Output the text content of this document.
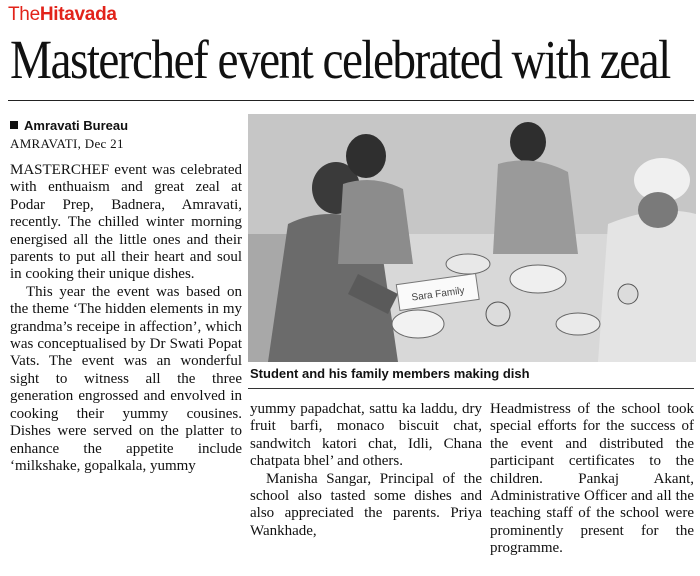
TheHitavada
Masterchef event celebrated with zeal
Amravati Bureau
AMRAVATI, Dec 21

MASTERCHEF event was celebrated with enthuaism and great zeal at Podar Prep, Badnera, Amravati, recently. The chilled winter morning energised all the little ones and their parents to put all their heart and soul in cooking their unique dishes.

This year the event was based on the theme ‘The hidden elements in my grandma’s receipe in affection’, which was conceptualised by Dr Swati Popat Vats. The event was an wonderful sight to witness all the three generation engrossed and envolved in cooking their yummy cousines. Dishes were served on the platter to enhance the appetite include ‘milkshake, gopalkala, yummy

Sara Family
Student and his family members making dish

yummy papadchat, sattu ka laddu, dry fruit barfi, monaco biscuit chat, sandwitch katori chat, Idli, Chana chatpata bhel’ and others.

Manisha Sangar, Principal of the school also tasted some dishes and also appreciated the parents. Priya Wankhade,

Headmistress of the school took special efforts for the success of the event and distributed the participant certificates to the children. Pankaj Akant, Administrative Officer and all the teaching staff of the school were prominently present for the programme.
